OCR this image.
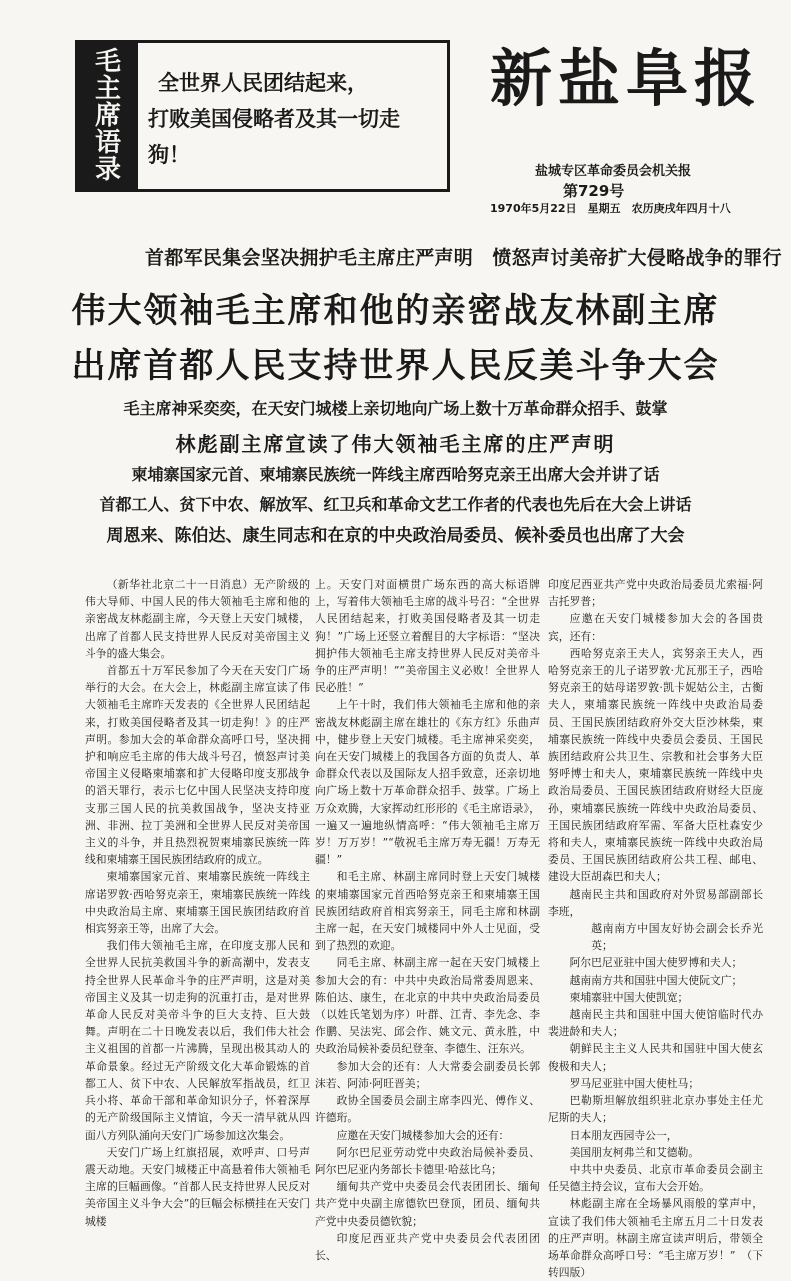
毛
主
席
语
录
全世界人民团结起来，
打败美国侵略者及其一切走
狗！
新盐阜报
盐城专区革命委员会机关报
第729号
1970年5月22日　星期五　农历庚戌年四月十八
首都军民集会坚决拥护毛主席庄严声明　愤怒声讨美帝扩大侵略战争的罪行
伟大领袖毛主席和他的亲密战友林副主席
出席首都人民支持世界人民反美斗争大会
毛主席神采奕奕，在天安门城楼上亲切地向广场上数十万革命群众招手、鼓掌
林彪副主席宣读了伟大领袖毛主席的庄严声明
柬埔寨国家元首、柬埔寨民族统一阵线主席西哈努克亲王出席大会并讲了话
首都工人、贫下中农、解放军、红卫兵和革命文艺工作者的代表也先后在大会上讲话
周恩来、陈伯达、康生同志和在京的中央政治局委员、候补委员也出席了大会

（新华社北京二十一日消息）无产阶级的伟大导师、中国人民的伟大领袖毛主席和他的亲密战友林彪副主席，今天登上天安门城楼，出席了首都人民支持世界人民反对美帝国主义斗争的盛大集会。

首都五十万军民参加了今天在天安门广场举行的大会。在大会上，林彪副主席宣读了伟大领袖毛主席昨天发表的《全世界人民团结起来，打败美国侵略者及其一切走狗！》的庄严声明。参加大会的革命群众高呼口号，坚决拥护和响应毛主席的伟大战斗号召，愤怒声讨美帝国主义侵略柬埔寨和扩大侵略印度支那战争的滔天罪行，表示七亿中国人民坚决支持印度支那三国人民的抗美救国战争，坚决支持亚洲、非洲、拉丁美洲和全世界人民反对美帝国主义的斗争，并且热烈祝贺柬埔寨民族统一阵线和柬埔寨王国民族团结政府的成立。

柬埔寨国家元首、柬埔寨民族统一阵线主席诺罗敦·西哈努克亲王，柬埔寨民族统一阵线中央政治局主席、柬埔寨王国民族团结政府首相宾努亲王等，出席了大会。

我们伟大领袖毛主席，在印度支那人民和全世界人民抗美救国斗争的新高潮中，发表支持全世界人民革命斗争的庄严声明，这是对美帝国主义及其一切走狗的沉重打击，是对世界革命人民反对美帝斗争的巨大支持、巨大鼓舞。声明在二十日晚发表以后，我们伟大社会主义祖国的首都一片沸腾，呈现出极其动人的革命景象。经过无产阶级文化大革命锻炼的首都工人、贫下中农、人民解放军指战员，红卫兵小将、革命干部和革命知识分子，怀着深厚的无产阶级国际主义情谊，今天一清早就从四面八方列队涌向天安门广场参加这次集会。

天安门广场上红旗招展，欢呼声、口号声震天动地。天安门城楼正中高悬着伟大领袖毛主席的巨幅画像。“首都人民支持世界人民反对美帝国主义斗争大会”的巨幅会标横挂在天安门城楼

上。天安门对面横贯广场东西的高大标语牌上，写着伟大领袖毛主席的战斗号召：“全世界人民团结起来，打败美国侵略者及其一切走狗！”广场上还竖立着醒目的大字标语：“坚决拥护伟大领袖毛主席支持世界人民反对美帝斗争的庄严声明！”“美帝国主义必败！全世界人民必胜！”

上午十时，我们伟大领袖毛主席和他的亲密战友林彪副主席在雄壮的《东方红》乐曲声中，健步登上天安门城楼。毛主席神采奕奕，向在天安门城楼上的我国各方面的负责人、革命群众代表以及国际友人招手致意，还亲切地向广场上数十万革命群众招手、鼓掌。广场上万众欢腾，大家挥动红形形的《毛主席语录》，一遍又一遍地纵情高呼：“伟大领袖毛主席万岁！万万岁！”“敬祝毛主席万寿无疆！万寿无疆！”

和毛主席、林副主席同时登上天安门城楼的柬埔寨国家元首西哈努克亲王和柬埔寨王国民族团结政府首相宾努亲王，同毛主席和林副主席一起，在天安门城楼同中外人士见面，受到了热烈的欢迎。

同毛主席、林副主席一起在天安门城楼上参加大会的有：中共中央政治局常委周恩来、陈伯达、康生，在北京的中共中央政治局委员（以姓氏笔划为序）叶群、江青、李先念、李作鹏、吴法宪、邱会作、姚文元、黄永胜，中央政治局候补委员纪登奎、李德生、汪东兴。

参加大会的还有：人大常委会副委员长郭沫若、阿沛·阿旺晋美；

政协全国委员会副主席李四光、傅作义、许德珩。

应邀在天安门城楼参加大会的还有：

阿尔巴尼亚劳动党中央政治局候补委员、阿尔巴尼亚内务部长卡德里·哈兹比乌；

缅甸共产党中央委员会代表团团长、缅甸共产党中央副主席德钦巴登顶，团员、缅甸共产党中央委员德钦貌；

印度尼西亚共产党中央委员会代表团团长、

印度尼西亚共产党中央政治局委员尤索福·阿吉托罗普；

应邀在天安门城楼参加大会的各国贵宾，还有：

西哈努克亲王夫人，宾努亲王夫人，西哈努克亲王的儿子诺罗敦·尤瓦那王子，西哈努克亲王的姑母诺罗敦·凯卡妮姑公主，古衡夫人，柬埔寨民族统一阵线中央政治局委员、王国民族团结政府外交大臣沙林柴，柬埔寨民族统一阵线中央委员会委员、王国民族团结政府公共卫生、宗教和社会事务大臣努呼博士和夫人，柬埔寨民族统一阵线中央政治局委员、王国民族团结政府财经大臣庞孙，柬埔寨民族统一阵线中央政治局委员、王国民族团结政府军需、军备大臣杜森安少将和夫人，柬埔寨民族统一阵线中央政治局委员、王国民族团结政府公共工程、邮电、建设大臣胡森巴和夫人；

越南民主共和国政府对外贸易部副部长李班，

越南南方中国友好协会副会长乔光英；

阿尔巴尼亚驻中国大使罗博和夫人；

越南南方共和国驻中国大使阮文广；

柬埔寨驻中国大使凯宽；

越南民主共和国驻中国大使馆临时代办裴进龄和夫人；

朝鲜民主主义人民共和国驻中国大使玄俊极和夫人；

罗马尼亚驻中国大使杜马；

巴勒斯坦解放组织驻北京办事处主任尤尼斯的夫人；

日本朋友西园寺公一，

美国朋友柯弗兰和艾德勒。

中共中央委员、北京市革命委员会副主任吴德主持会议，宣布大会开始。

林彪副主席在全场暴风雨般的掌声中，宣读了我们伟大领袖毛主席五月二十日发表的庄严声明。林副主席宣读声明后，带领全场革命群众高呼口号：“毛主席万岁！”　（下转四版）
